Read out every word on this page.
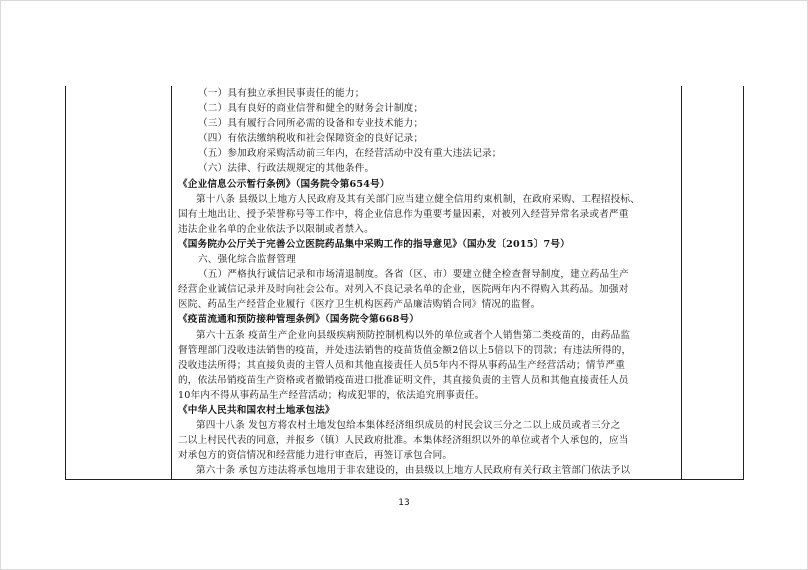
（一）具有独立承担民事责任的能力；
（二）具有良好的商业信誉和健全的财务会计制度；
（三）具有履行合同所必需的设备和专业技术能力；
（四）有依法缴纳税收和社会保障资金的良好记录；
（五）参加政府采购活动前三年内，在经营活动中没有重大违法记录；
（六）法律、行政法规规定的其他条件。
《企业信息公示暂行条例》（国务院令第654号）
第十八条 县级以上地方人民政府及其有关部门应当建立健全信用约束机制，在政府采购、工程招投标、
国有土地出让、授予荣誉称号等工作中，将企业信息作为重要考量因素，对被列入经营异常名录或者严重
违法企业名单的企业依法予以限制或者禁入。
《国务院办公厅关于完善公立医院药品集中采购工作的指导意见》（国办发〔2015〕7号）
六、强化综合监督管理
（五）严格执行诚信记录和市场清退制度。各省（区、市）要建立健全检查督导制度，建立药品生产
经营企业诚信记录并及时向社会公布。对列入不良记录名单的企业，医院两年内不得购入其药品。加强对
医院、药品生产经营企业履行《医疗卫生机构医药产品廉洁购销合同》情况的监督。
《疫苗流通和预防接种管理条例》（国务院令第668号）
第六十五条 疫苗生产企业向县级疾病预防控制机构以外的单位或者个人销售第二类疫苗的，由药品监
督管理部门没收违法销售的疫苗，并处违法销售的疫苗货值金额2倍以上5倍以下的罚款；有违法所得的，
没收违法所得；其直接负责的主管人员和其他直接责任人员5年内不得从事药品生产经营活动；情节严重
的，依法吊销疫苗生产资格或者撤销疫苗进口批准证明文件，其直接负责的主管人员和其他直接责任人员
10年内不得从事药品生产经营活动；构成犯罪的，依法追究刑事责任。
《中华人民共和国农村土地承包法》
第四十八条 发包方将农村土地发包给本集体经济组织成员的村民会议三分之二以上成员或者三分之
二以上村民代表的同意，并报乡（镇）人民政府批准。本集体经济组织以外的单位或者个人承包的，应当
对承包方的资信情况和经营能力进行审查后，再签订承包合同。
第六十条 承包方违法将承包地用于非农建设的，由县级以上地方人民政府有关行政主管部门依法予以
13
